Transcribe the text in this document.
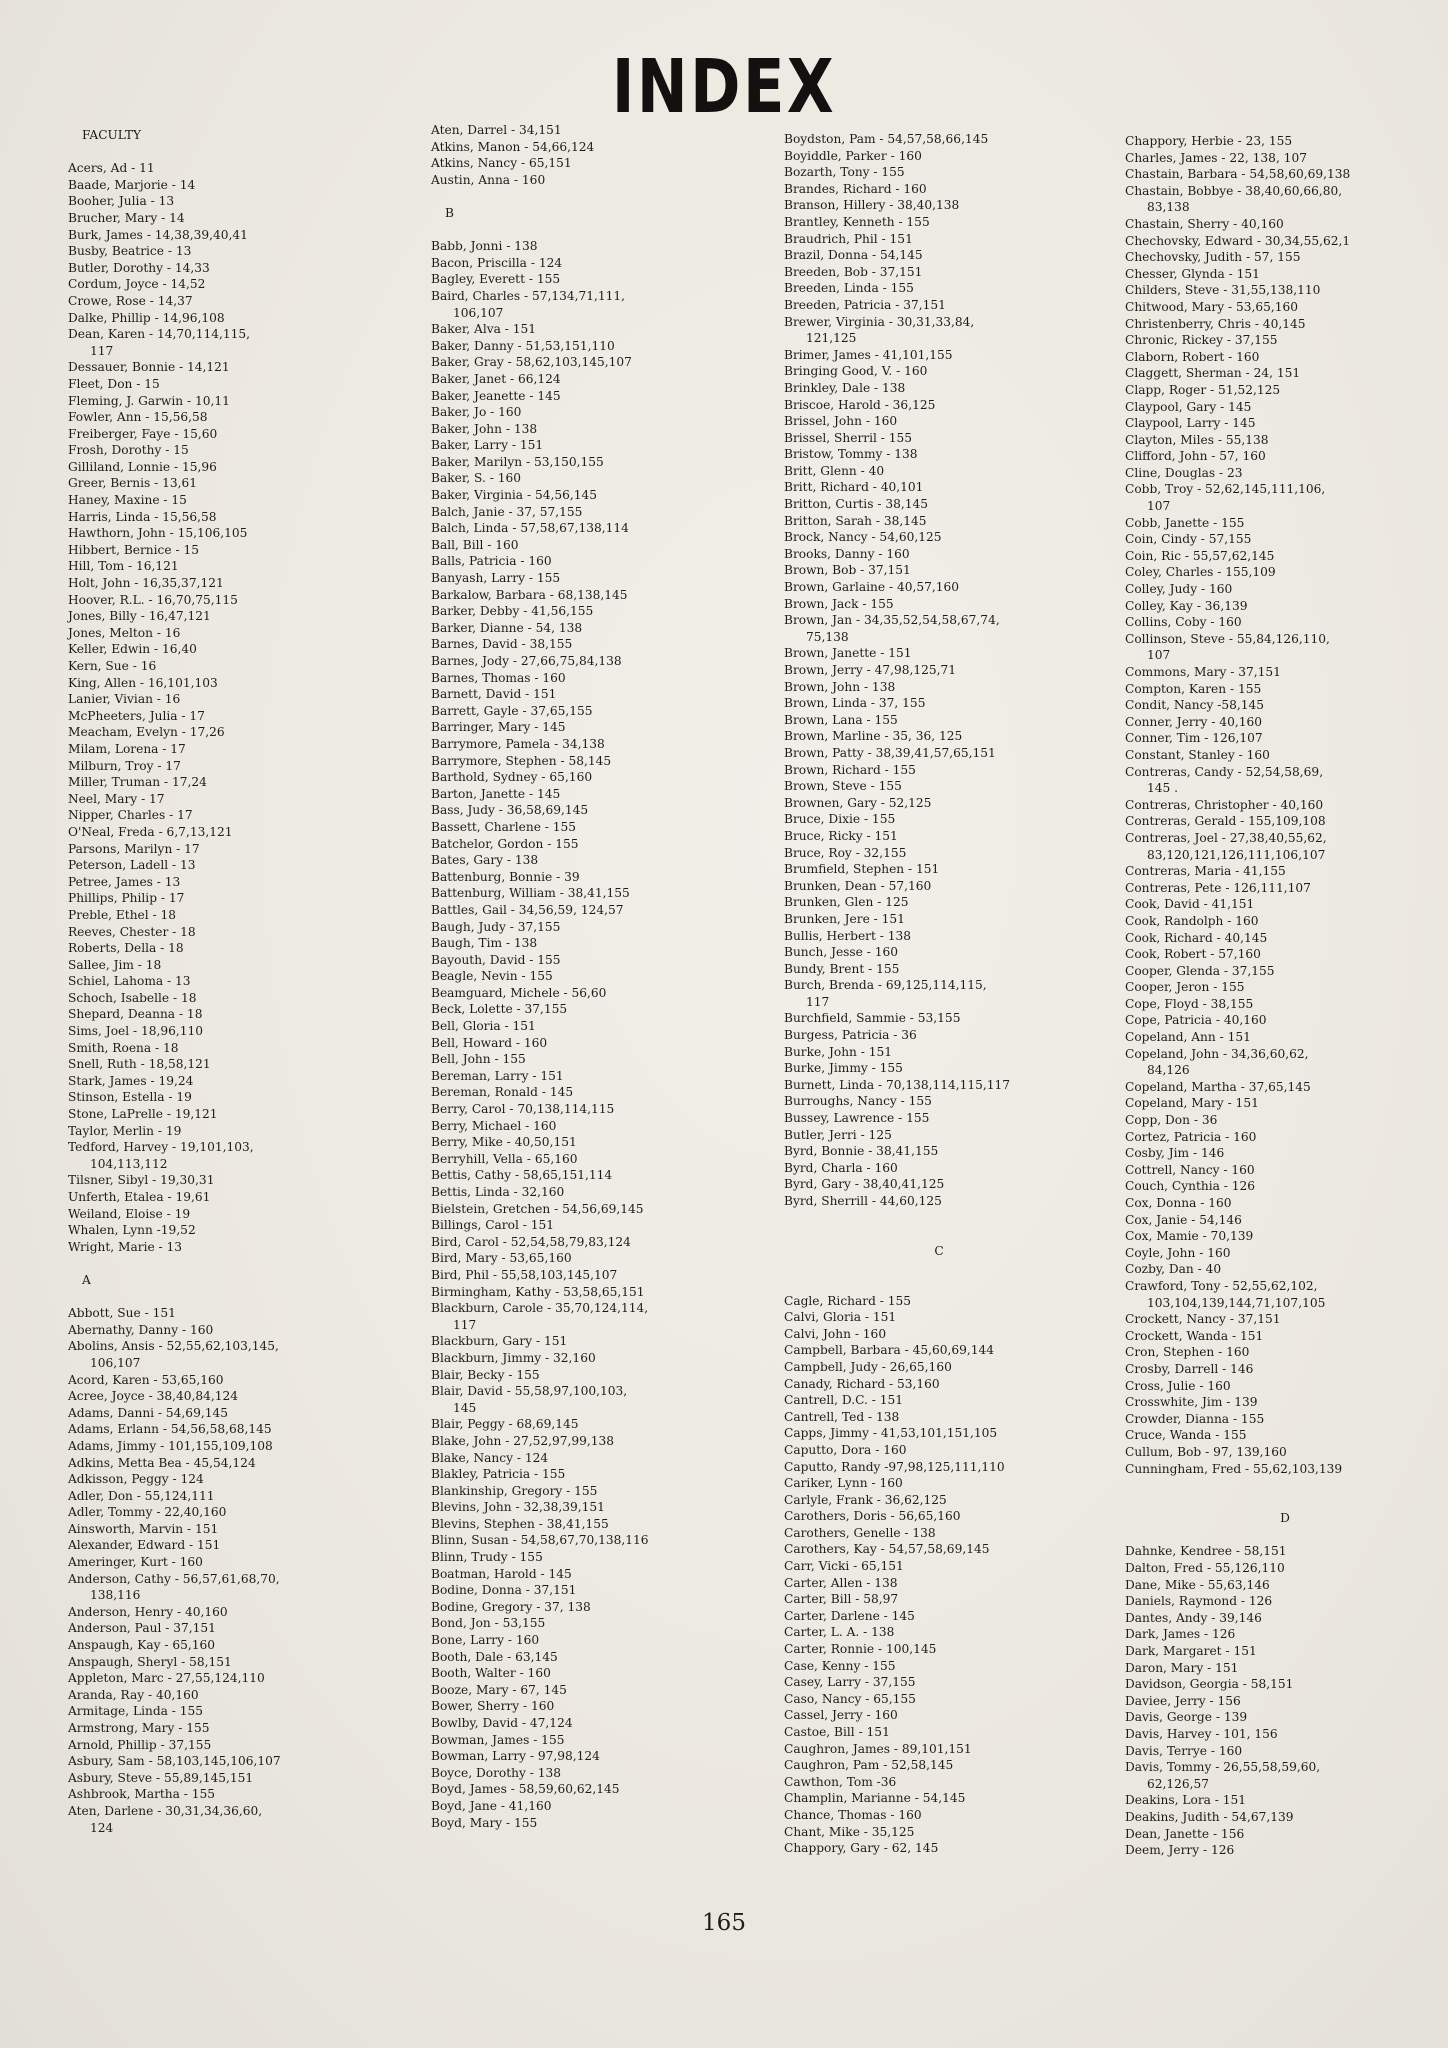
INDEX
FACULTY
Acers, Ad - 11
Baade, Marjorie - 14
Booher, Julia - 13
Brucher, Mary - 14
Burk, James - 14,38,39,40,41
Busby, Beatrice - 13
Butler, Dorothy - 14,33
Cordum, Joyce - 14,52
Crowe, Rose - 14,37
Dalke, Phillip - 14,96,108
Dean, Karen - 14,70,114,115,
117
Dessauer, Bonnie - 14,121
Fleet, Don - 15
Fleming, J. Garwin - 10,11
Fowler, Ann - 15,56,58
Freiberger, Faye - 15,60
Frosh, Dorothy - 15
Gilliland, Lonnie - 15,96
Greer, Bernis - 13,61
Haney, Maxine - 15
Harris, Linda - 15,56,58
Hawthorn, John - 15,106,105
Hibbert, Bernice - 15
Hill, Tom - 16,121
Holt, John - 16,35,37,121
Hoover, R.L. - 16,70,75,115
Jones, Billy - 16,47,121
Jones, Melton - 16
Keller, Edwin - 16,40
Kern, Sue - 16
King, Allen - 16,101,103
Lanier, Vivian - 16
McPheeters, Julia - 17
Meacham, Evelyn - 17,26
Milam, Lorena - 17
Milburn, Troy - 17
Miller, Truman - 17,24
Neel, Mary - 17
Nipper, Charles - 17
O'Neal, Freda - 6,7,13,121
Parsons, Marilyn - 17
Peterson, Ladell - 13
Petree, James - 13
Phillips, Philip - 17
Preble, Ethel - 18
Reeves, Chester - 18
Roberts, Della - 18
Sallee, Jim - 18
Schiel, Lahoma - 13
Schoch, Isabelle - 18
Shepard, Deanna - 18
Sims, Joel - 18,96,110
Smith, Roena - 18
Snell, Ruth - 18,58,121
Stark, James - 19,24
Stinson, Estella - 19
Stone, LaPrelle - 19,121
Taylor, Merlin - 19
Tedford, Harvey - 19,101,103,
104,113,112
Tilsner, Sibyl - 19,30,31
Unferth, Etalea - 19,61
Weiland, Eloise - 19
Whalen, Lynn -19,52
Wright, Marie - 13
A
Abbott, Sue - 151
Abernathy, Danny - 160
Abolins, Ansis - 52,55,62,103,145,
106,107
Acord, Karen - 53,65,160
Acree, Joyce - 38,40,84,124
Adams, Danni - 54,69,145
Adams, Erlann - 54,56,58,68,145
Adams, Jimmy - 101,155,109,108
Adkins, Metta Bea - 45,54,124
Adkisson, Peggy - 124
Adler, Don - 55,124,111
Adler, Tommy - 22,40,160
Ainsworth, Marvin - 151
Alexander, Edward - 151
Ameringer, Kurt - 160
Anderson, Cathy - 56,57,61,68,70,
138,116
Anderson, Henry - 40,160
Anderson, Paul - 37,151
Anspaugh, Kay - 65,160
Anspaugh, Sheryl - 58,151
Appleton, Marc - 27,55,124,110
Aranda, Ray - 40,160
Armitage, Linda - 155
Armstrong, Mary - 155
Arnold, Phillip - 37,155
Asbury, Sam - 58,103,145,106,107
Asbury, Steve - 55,89,145,151
Ashbrook, Martha - 155
Aten, Darlene - 30,31,34,36,60,
124
Aten, Darrel - 34,151
Atkins, Manon - 54,66,124
Atkins, Nancy - 65,151
Austin, Anna - 160
B
Babb, Jonni - 138
Bacon, Priscilla - 124
Bagley, Everett - 155
Baird, Charles - 57,134,71,111,
106,107
Baker, Alva - 151
Baker, Danny - 51,53,151,110
Baker, Gray - 58,62,103,145,107
Baker, Janet - 66,124
Baker, Jeanette - 145
Baker, Jo - 160
Baker, John - 138
Baker, Larry - 151
Baker, Marilyn - 53,150,155
Baker, S. - 160
Baker, Virginia - 54,56,145
Balch, Janie - 37, 57,155
Balch, Linda - 57,58,67,138,114
Ball, Bill - 160
Balls, Patricia - 160
Banyash, Larry - 155
Barkalow, Barbara - 68,138,145
Barker, Debby - 41,56,155
Barker, Dianne - 54, 138
Barnes, David - 38,155
Barnes, Jody - 27,66,75,84,138
Barnes, Thomas - 160
Barnett, David - 151
Barrett, Gayle - 37,65,155
Barringer, Mary - 145
Barrymore, Pamela - 34,138
Barrymore, Stephen - 58,145
Barthold, Sydney - 65,160
Barton, Janette - 145
Bass, Judy - 36,58,69,145
Bassett, Charlene - 155
Batchelor, Gordon - 155
Bates, Gary - 138
Battenburg, Bonnie - 39
Battenburg, William - 38,41,155
Battles, Gail - 34,56,59, 124,57
Baugh, Judy - 37,155
Baugh, Tim - 138
Bayouth, David - 155
Beagle, Nevin - 155
Beamguard, Michele - 56,60
Beck, Lolette - 37,155
Bell, Gloria - 151
Bell, Howard - 160
Bell, John - 155
Bereman, Larry - 151
Bereman, Ronald - 145
Berry, Carol - 70,138,114,115
Berry, Michael - 160
Berry, Mike - 40,50,151
Berryhill, Vella - 65,160
Bettis, Cathy - 58,65,151,114
Bettis, Linda - 32,160
Bielstein, Gretchen - 54,56,69,145
Billings, Carol - 151
Bird, Carol - 52,54,58,79,83,124
Bird, Mary - 53,65,160
Bird, Phil - 55,58,103,145,107
Birmingham, Kathy - 53,58,65,151
Blackburn, Carole - 35,70,124,114,
117
Blackburn, Gary - 151
Blackburn, Jimmy - 32,160
Blair, Becky - 155
Blair, David - 55,58,97,100,103,
145
Blair, Peggy - 68,69,145
Blake, John - 27,52,97,99,138
Blake, Nancy - 124
Blakley, Patricia - 155
Blankinship, Gregory - 155
Blevins, John - 32,38,39,151
Blevins, Stephen - 38,41,155
Blinn, Susan - 54,58,67,70,138,116
Blinn, Trudy - 155
Boatman, Harold - 145
Bodine, Donna - 37,151
Bodine, Gregory - 37, 138
Bond, Jon - 53,155
Bone, Larry - 160
Booth, Dale - 63,145
Booth, Walter - 160
Booze, Mary - 67, 145
Bower, Sherry - 160
Bowlby, David - 47,124
Bowman, James - 155
Bowman, Larry - 97,98,124
Boyce, Dorothy - 138
Boyd, James - 58,59,60,62,145
Boyd, Jane - 41,160
Boyd, Mary - 155
Boydston, Pam - 54,57,58,66,145
Boyiddle, Parker - 160
Bozarth, Tony - 155
Brandes, Richard - 160
Branson, Hillery - 38,40,138
Brantley, Kenneth - 155
Braudrich, Phil - 151
Brazil, Donna - 54,145
Breeden, Bob - 37,151
Breeden, Linda - 155
Breeden, Patricia - 37,151
Brewer, Virginia - 30,31,33,84,
121,125
Brimer, James - 41,101,155
Bringing Good, V. - 160
Brinkley, Dale - 138
Briscoe, Harold - 36,125
Brissel, John - 160
Brissel, Sherril - 155
Bristow, Tommy - 138
Britt, Glenn - 40
Britt, Richard - 40,101
Britton, Curtis - 38,145
Britton, Sarah - 38,145
Brock, Nancy - 54,60,125
Brooks, Danny - 160
Brown, Bob - 37,151
Brown, Garlaine - 40,57,160
Brown, Jack - 155
Brown, Jan - 34,35,52,54,58,67,74,
75,138
Brown, Janette - 151
Brown, Jerry - 47,98,125,71
Brown, John - 138
Brown, Linda - 37, 155
Brown, Lana - 155
Brown, Marline - 35, 36, 125
Brown, Patty - 38,39,41,57,65,151
Brown, Richard - 155
Brown, Steve - 155
Brownen, Gary - 52,125
Bruce, Dixie - 155
Bruce, Ricky - 151
Bruce, Roy - 32,155
Brumfield, Stephen - 151
Brunken, Dean - 57,160
Brunken, Glen - 125
Brunken, Jere - 151
Bullis, Herbert - 138
Bunch, Jesse - 160
Bundy, Brent - 155
Burch, Brenda - 69,125,114,115,
117
Burchfield, Sammie - 53,155
Burgess, Patricia - 36
Burke, John - 151
Burke, Jimmy - 155
Burnett, Linda - 70,138,114,115,117
Burroughs, Nancy - 155
Bussey, Lawrence - 155
Butler, Jerri - 125
Byrd, Bonnie - 38,41,155
Byrd, Charla - 160
Byrd, Gary - 38,40,41,125
Byrd, Sherrill - 44,60,125
C
Cagle, Richard - 155
Calvi, Gloria - 151
Calvi, John - 160
Campbell, Barbara - 45,60,69,144
Campbell, Judy - 26,65,160
Canady, Richard - 53,160
Cantrell, D.C. - 151
Cantrell, Ted - 138
Capps, Jimmy - 41,53,101,151,105
Caputto, Dora - 160
Caputto, Randy -97,98,125,111,110
Cariker, Lynn - 160
Carlyle, Frank - 36,62,125
Carothers, Doris - 56,65,160
Carothers, Genelle - 138
Carothers, Kay - 54,57,58,69,145
Carr, Vicki - 65,151
Carter, Allen - 138
Carter, Bill - 58,97
Carter, Darlene - 145
Carter, L. A. - 138
Carter, Ronnie - 100,145
Case, Kenny - 155
Casey, Larry - 37,155
Caso, Nancy - 65,155
Cassel, Jerry - 160
Castoe, Bill - 151
Caughron, James - 89,101,151
Caughron, Pam - 52,58,145
Cawthon, Tom -36
Champlin, Marianne - 54,145
Chance, Thomas - 160
Chant, Mike - 35,125
Chappory, Gary - 62, 145
Chappory, Herbie - 23, 155
Charles, James - 22, 138, 107
Chastain, Barbara - 54,58,60,69,138
Chastain, Bobbye - 38,40,60,66,80,
83,138
Chastain, Sherry - 40,160
Chechovsky, Edward - 30,34,55,62,1
Chechovsky, Judith - 57, 155
Chesser, Glynda - 151
Childers, Steve - 31,55,138,110
Chitwood, Mary - 53,65,160
Christenberry, Chris - 40,145
Chronic, Rickey - 37,155
Claborn, Robert - 160
Claggett, Sherman - 24, 151
Clapp, Roger - 51,52,125
Claypool, Gary - 145
Claypool, Larry - 145
Clayton, Miles - 55,138
Clifford, John - 57, 160
Cline, Douglas - 23
Cobb, Troy - 52,62,145,111,106,
107
Cobb, Janette - 155
Coin, Cindy - 57,155
Coin, Ric - 55,57,62,145
Coley, Charles - 155,109
Colley, Judy - 160
Colley, Kay - 36,139
Collins, Coby - 160
Collinson, Steve - 55,84,126,110,
107
Commons, Mary - 37,151
Compton, Karen - 155
Condit, Nancy -58,145
Conner, Jerry - 40,160
Conner, Tim - 126,107
Constant, Stanley - 160
Contreras, Candy - 52,54,58,69,
145 .
Contreras, Christopher - 40,160
Contreras, Gerald - 155,109,108
Contreras, Joel - 27,38,40,55,62,
83,120,121,126,111,106,107
Contreras, Maria - 41,155
Contreras, Pete - 126,111,107
Cook, David - 41,151
Cook, Randolph - 160
Cook, Richard - 40,145
Cook, Robert - 57,160
Cooper, Glenda - 37,155
Cooper, Jeron - 155
Cope, Floyd - 38,155
Cope, Patricia - 40,160
Copeland, Ann - 151
Copeland, John - 34,36,60,62,
84,126
Copeland, Martha - 37,65,145
Copeland, Mary - 151
Copp, Don - 36
Cortez, Patricia - 160
Cosby, Jim - 146
Cottrell, Nancy - 160
Couch, Cynthia - 126
Cox, Donna - 160
Cox, Janie - 54,146
Cox, Mamie - 70,139
Coyle, John - 160
Cozby, Dan - 40
Crawford, Tony - 52,55,62,102,
103,104,139,144,71,107,105
Crockett, Nancy - 37,151
Crockett, Wanda - 151
Cron, Stephen - 160
Crosby, Darrell - 146
Cross, Julie - 160
Crosswhite, Jim - 139
Crowder, Dianna - 155
Cruce, Wanda - 155
Cullum, Bob - 97, 139,160
Cunningham, Fred - 55,62,103,139
D
Dahnke, Kendree - 58,151
Dalton, Fred - 55,126,110
Dane, Mike - 55,63,146
Daniels, Raymond - 126
Dantes, Andy - 39,146
Dark, James - 126
Dark, Margaret - 151
Daron, Mary - 151
Davidson, Georgia - 58,151
Daviee, Jerry - 156
Davis, George - 139
Davis, Harvey - 101, 156
Davis, Terrye - 160
Davis, Tommy - 26,55,58,59,60,
62,126,57
Deakins, Lora - 151
Deakins, Judith - 54,67,139
Dean, Janette - 156
Deem, Jerry - 126
165
